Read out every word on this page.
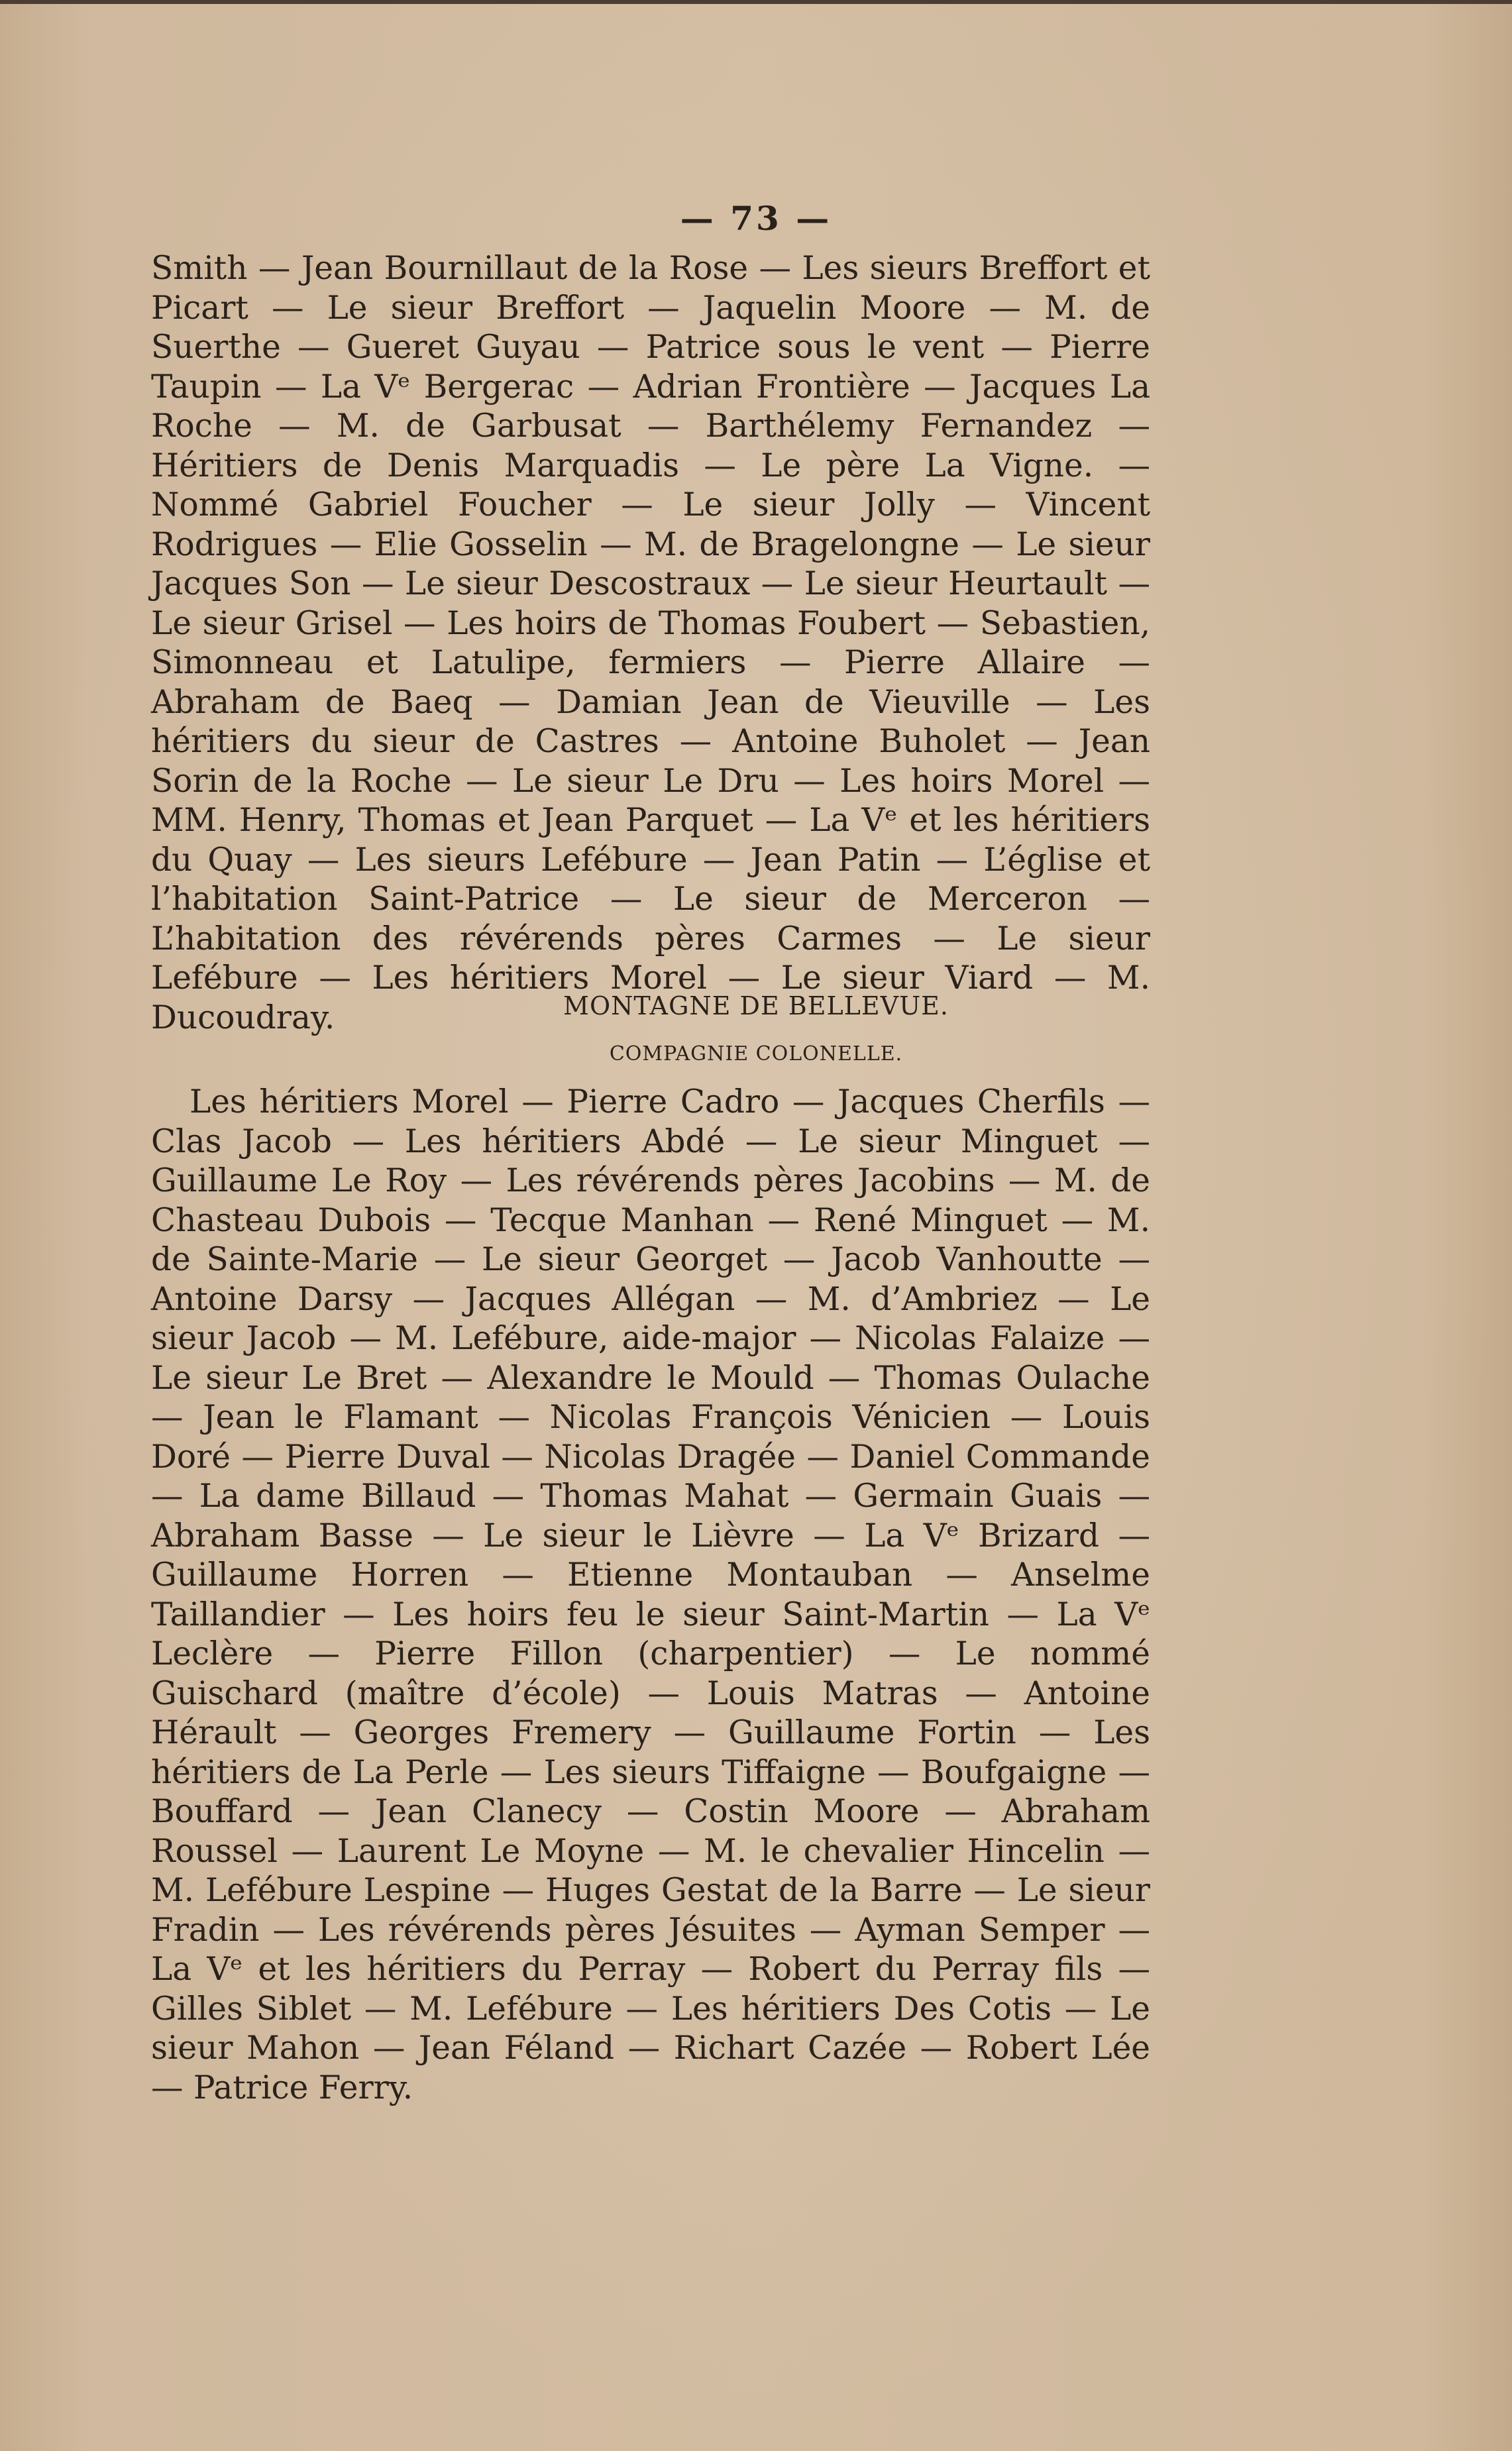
— 73 —

Smith — Jean Bournillaut de la Rose — Les sieurs Breffort et Picart — Le sieur Breffort — Jaquelin Moore — M. de Suerthe — Gueret Guyau — Patrice sous le vent — Pierre Taupin — La Vᵉ Bergerac — Adrian Frontière — Jacques La Roche — M. de Garbusat — Barthélemy Fernandez — Héritiers de Denis Marquadis — Le père La Vigne. — Nommé Gabriel Foucher — Le sieur Jolly — Vincent Rodrigues — Elie Gosselin — M. de Bragelongne — Le sieur Jacques Son — Le sieur Descostraux — Le sieur Heurtault — Le sieur Grisel — Les hoirs de Thomas Foubert — Sebastien, Simonneau et Latulipe, fermiers — Pierre Allaire — Abraham de Baeq — Damian Jean de Vieuville — Les héritiers du sieur de Castres — Antoine Buholet — Jean Sorin de la Roche — Le sieur Le Dru — Les hoirs Morel — MM. Henry, Thomas et Jean Parquet — La Vᵉ et les héritiers du Quay — Les sieurs Lefébure — Jean Patin — L’église et l’habitation Saint-Patrice — Le sieur de Merceron — L’habitation des révérends pères Carmes — Le sieur Lefébure — Les héritiers Morel — Le sieur Viard — M. Ducoudray.	MONTAGNE DE BELLEVUE.
COMPAGNIE COLONELLE.

Les héritiers Morel — Pierre Cadro — Jacques Cherfils — Clas Jacob — Les héritiers Abdé — Le sieur Minguet — Guillaume Le Roy — Les révérends pères Jacobins — M. de Chasteau Dubois — Tecque Manhan — René Minguet — M. de Sainte-Marie — Le sieur Georget — Jacob Vanhoutte — Antoine Darsy — Jacques Allégan — M. d’Ambriez — Le sieur Jacob — M. Lefébure, aide-major — Nicolas Falaize — Le sieur Le Bret — Alexandre le Mould — Thomas Oulache — Jean le Flamant — Nicolas François Vénicien — Louis Doré — Pierre Duval — Nicolas Dragée — Daniel Commande — La dame Billaud — Thomas Mahat — Germain Guais — Abraham Basse — Le sieur le Lièvre — La Vᵉ Brizard — Guillaume Horren — Etienne Montauban — Anselme Taillandier — Les hoirs feu le sieur Saint-Martin — La Vᵉ Leclère — Pierre Fillon (charpentier) — Le nommé Guischard (maître d’école) — Louis Matras — Antoine Hérault — Georges Fremery — Guillaume Fortin — Les héritiers de La Perle — Les sieurs Tiffaigne — Boufgaigne — Bouffard — Jean Clanecy — Costin Moore — Abraham Roussel — Laurent Le Moyne — M. le chevalier Hincelin — M. Lefébure Lespine — Huges Gestat de la Barre — Le sieur Fradin — Les révérends pères Jésuites — Ayman Semper — La Vᵉ et les héritiers du Perray — Robert du Perray fils — Gilles Siblet — M. Lefébure — Les héritiers Des Cotis — Le sieur Mahon — Jean Féland — Richart Cazée — Robert Lée — Patrice Ferry.
